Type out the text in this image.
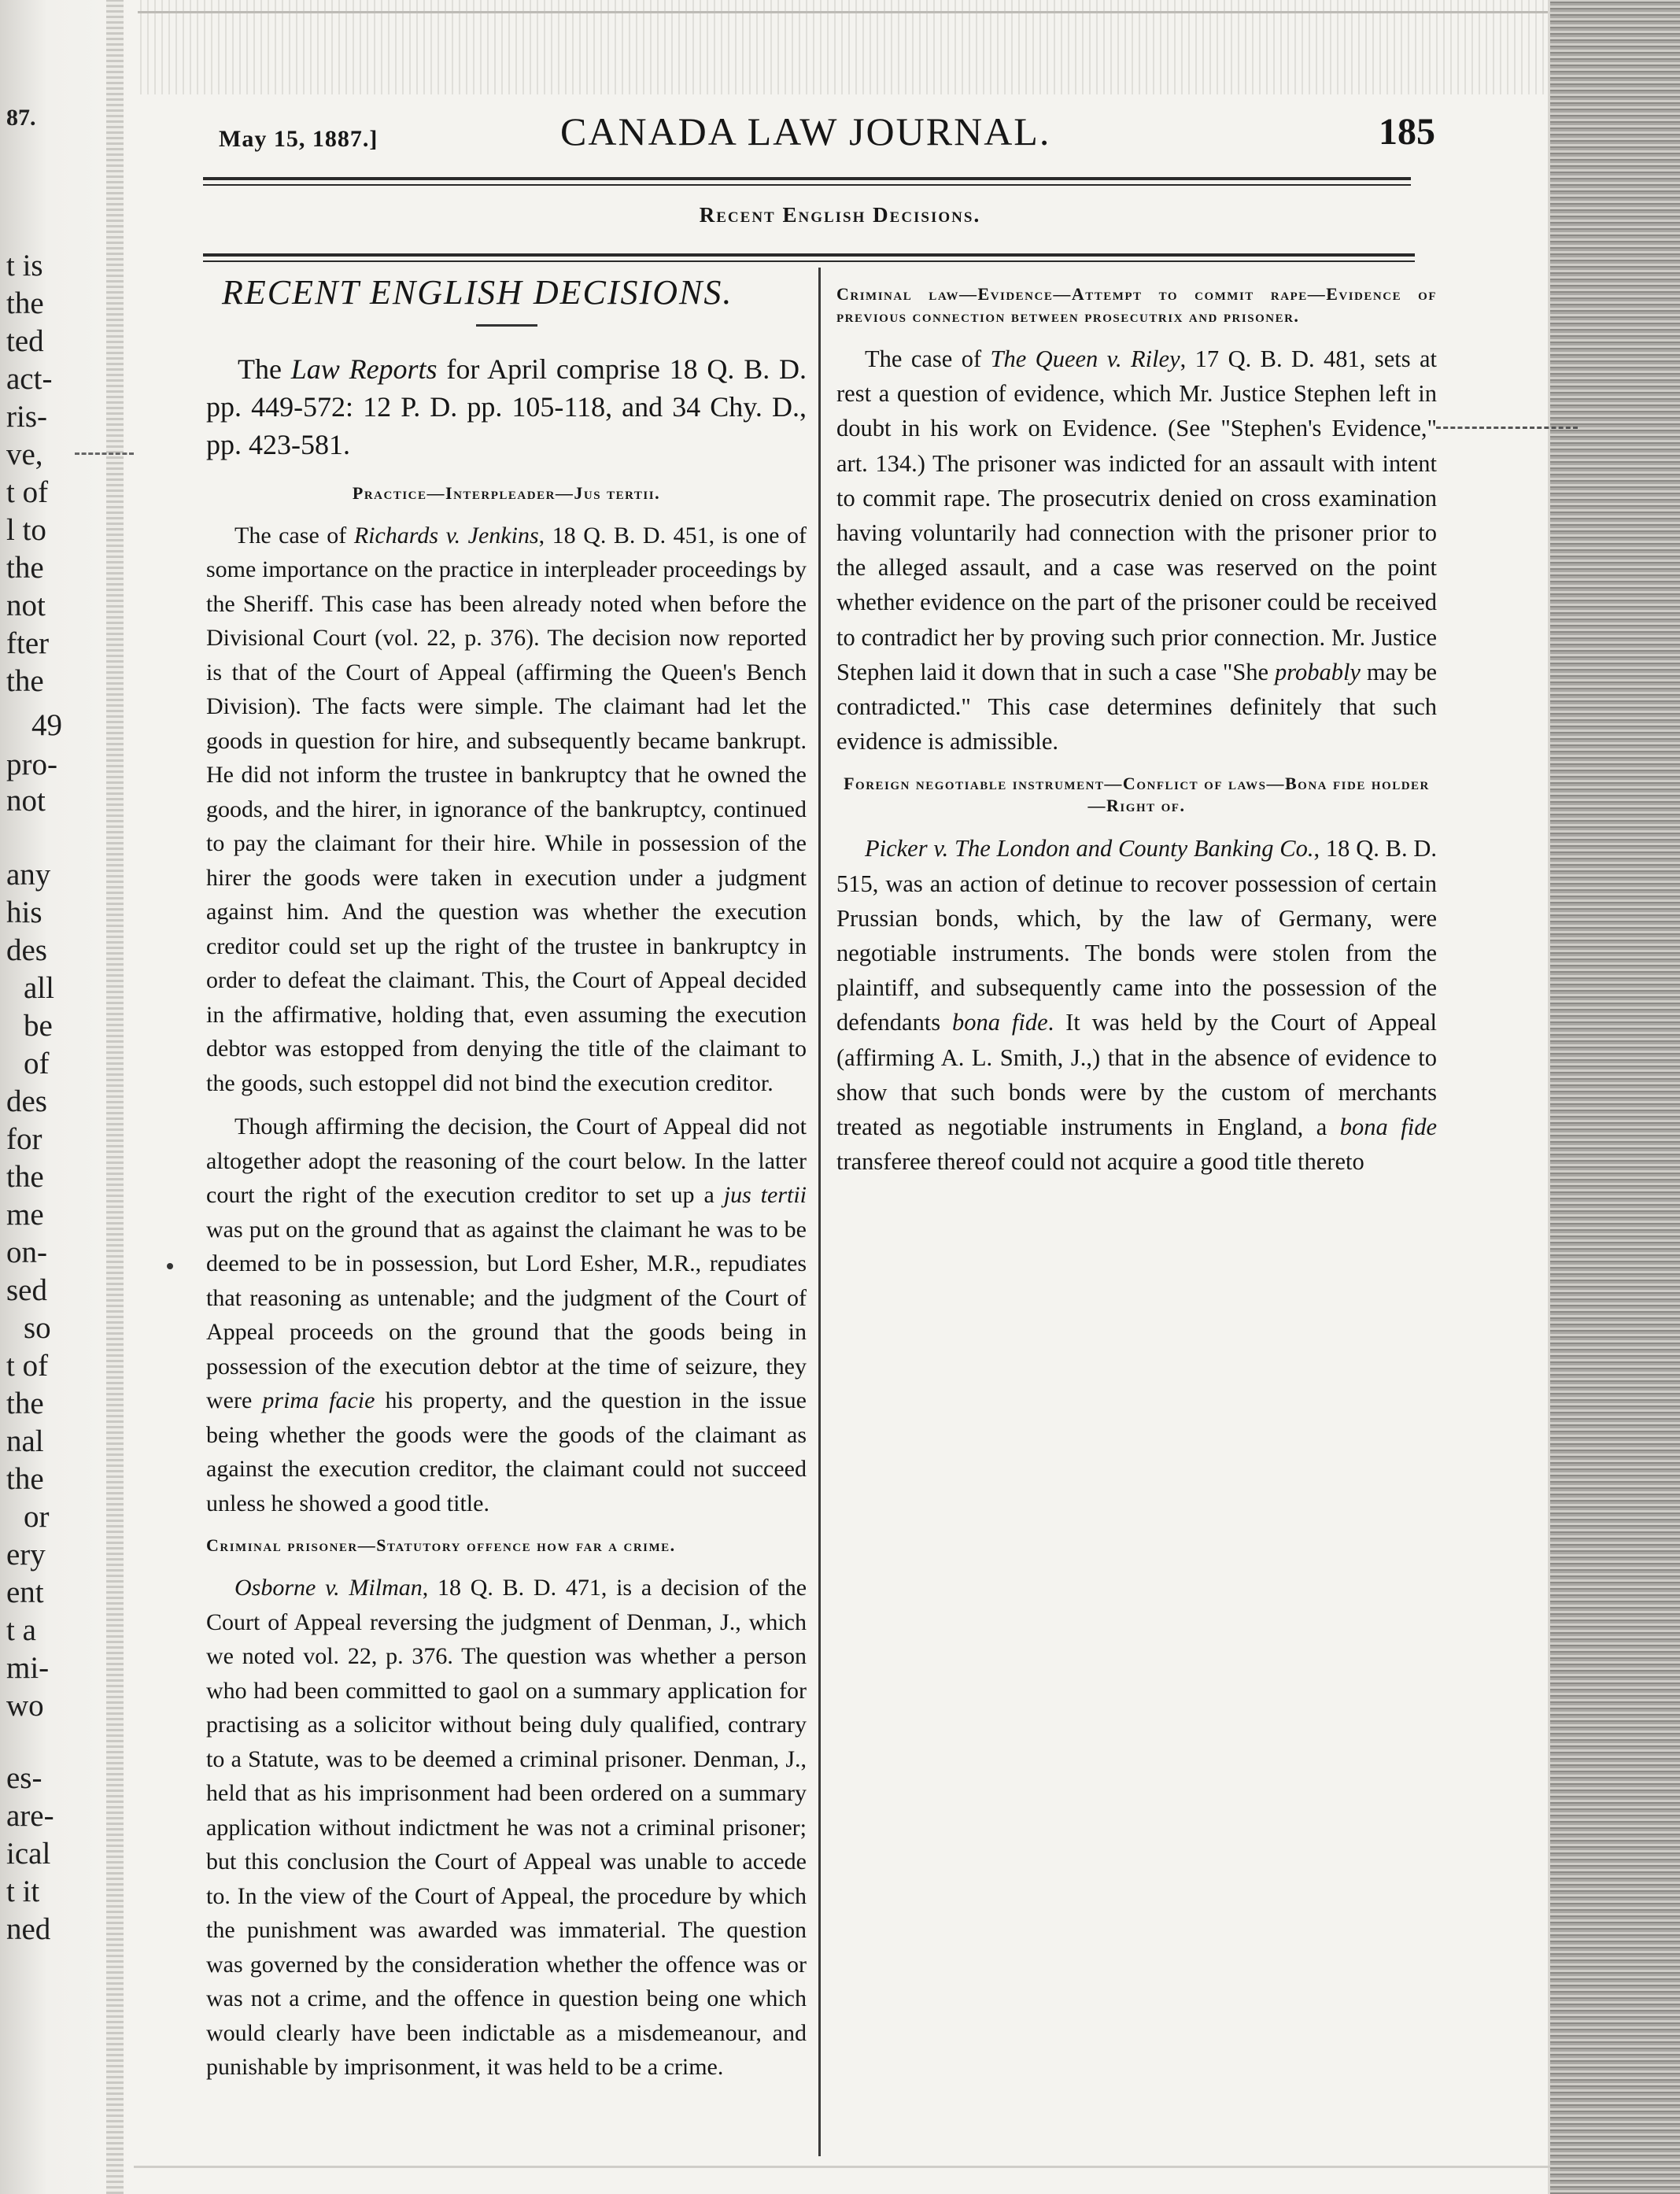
87.
t is
the
ted
act-
ris-
ve,
t of
l to
the
not
fter
the
49
pro-
not
any
his
des
all
be
of
des
for
the
me
on-
sed
so
t of
the
nal
the
or
ery
ent
t a
mi-
wo
es-
are-
ical
t it
ned
May 15, 1887.]	CANADA LAW JOURNAL.	185
Recent English Decisions.
RECENT ENGLISH DECISIONS.

The Law Reports for April comprise 18 Q. B. D. pp. 449-572: 12 P. D. pp. 105-118, and 34 Chy. D., pp. 423-581.

Practice—Interpleader—Jus tertii.

The case of Richards v. Jenkins, 18 Q. B. D. 451, is one of some importance on the practice in interpleader proceedings by the Sheriff. This case has been already noted when before the Divisional Court (vol. 22, p. 376). The decision now reported is that of the Court of Appeal (affirming the Queen's Bench Division). The facts were simple. The claimant had let the goods in question for hire, and subsequently became bankrupt. He did not inform the trustee in bankruptcy that he owned the goods, and the hirer, in ignorance of the bankruptcy, continued to pay the claimant for their hire. While in possession of the hirer the goods were taken in execution under a judgment against him. And the question was whether the execution creditor could set up the right of the trustee in bankruptcy in order to defeat the claimant. This, the Court of Appeal decided in the affirmative, holding that, even assuming the execution debtor was estopped from denying the title of the claimant to the goods, such estoppel did not bind the execution creditor.

Though affirming the decision, the Court of Appeal did not altogether adopt the reasoning of the court below. In the latter court the right of the execution creditor to set up a jus tertii was put on the ground that as against the claimant he was to be deemed to be in possession, but Lord Esher, M.R., repudiates that reasoning as untenable; and the judgment of the Court of Appeal proceeds on the ground that the goods being in possession of the execution debtor at the time of seizure, they were prima facie his property, and the question in the issue being whether the goods were the goods of the claimant as against the execution creditor, the claimant could not succeed unless he showed a good title.

Criminal prisoner—Statutory offence how far a crime.

Osborne v. Milman, 18 Q. B. D. 471, is a decision of the Court of Appeal reversing the judgment of Denman, J., which we noted vol. 22, p. 376. The question was whether a person who had been committed to gaol on a summary application for practising as a solicitor without being duly qualified, contrary to a Statute, was to be deemed a criminal prisoner. Denman, J., held that as his imprisonment had been ordered on a summary application without indictment he was not a criminal prisoner; but this conclusion the Court of Appeal was unable to accede to. In the view of the Court of Appeal, the procedure by which the punishment was awarded was immaterial. The question was governed by the consideration whether the offence was or was not a crime, and the offence in question being one which would clearly have been indictable as a misdemeanour, and punishable by imprisonment, it was held to be a crime.

Criminal law—Evidence—Attempt to commit rape—Evidence of previous connection between prosecutrix and prisoner.

The case of The Queen v. Riley, 17 Q. B. D. 481, sets at rest a question of evidence, which Mr. Justice Stephen left in doubt in his work on Evidence. (See "Stephen's Evidence," art. 134.) The prisoner was indicted for an assault with intent to commit rape. The prosecutrix denied on cross examination having voluntarily had connection with the prisoner prior to the alleged assault, and a case was reserved on the point whether evidence on the part of the prisoner could be received to contradict her by proving such prior connection. Mr. Justice Stephen laid it down that in such a case "She probably may be contradicted." This case determines definitely that such evidence is admissible.

Foreign negotiable instrument—Conflict of laws—Bona fide holder—Right of.

Picker v. The London and County Banking Co., 18 Q. B. D. 515, was an action of detinue to recover possession of certain Prussian bonds, which, by the law of Germany, were negotiable instruments. The bonds were stolen from the plaintiff, and subsequently came into the possession of the defendants bona fide. It was held by the Court of Appeal (affirming A. L. Smith, J.,) that in the absence of evidence to show that such bonds were by the custom of merchants treated as negotiable instruments in England, a bona fide transferee thereof could not acquire a good title thereto
